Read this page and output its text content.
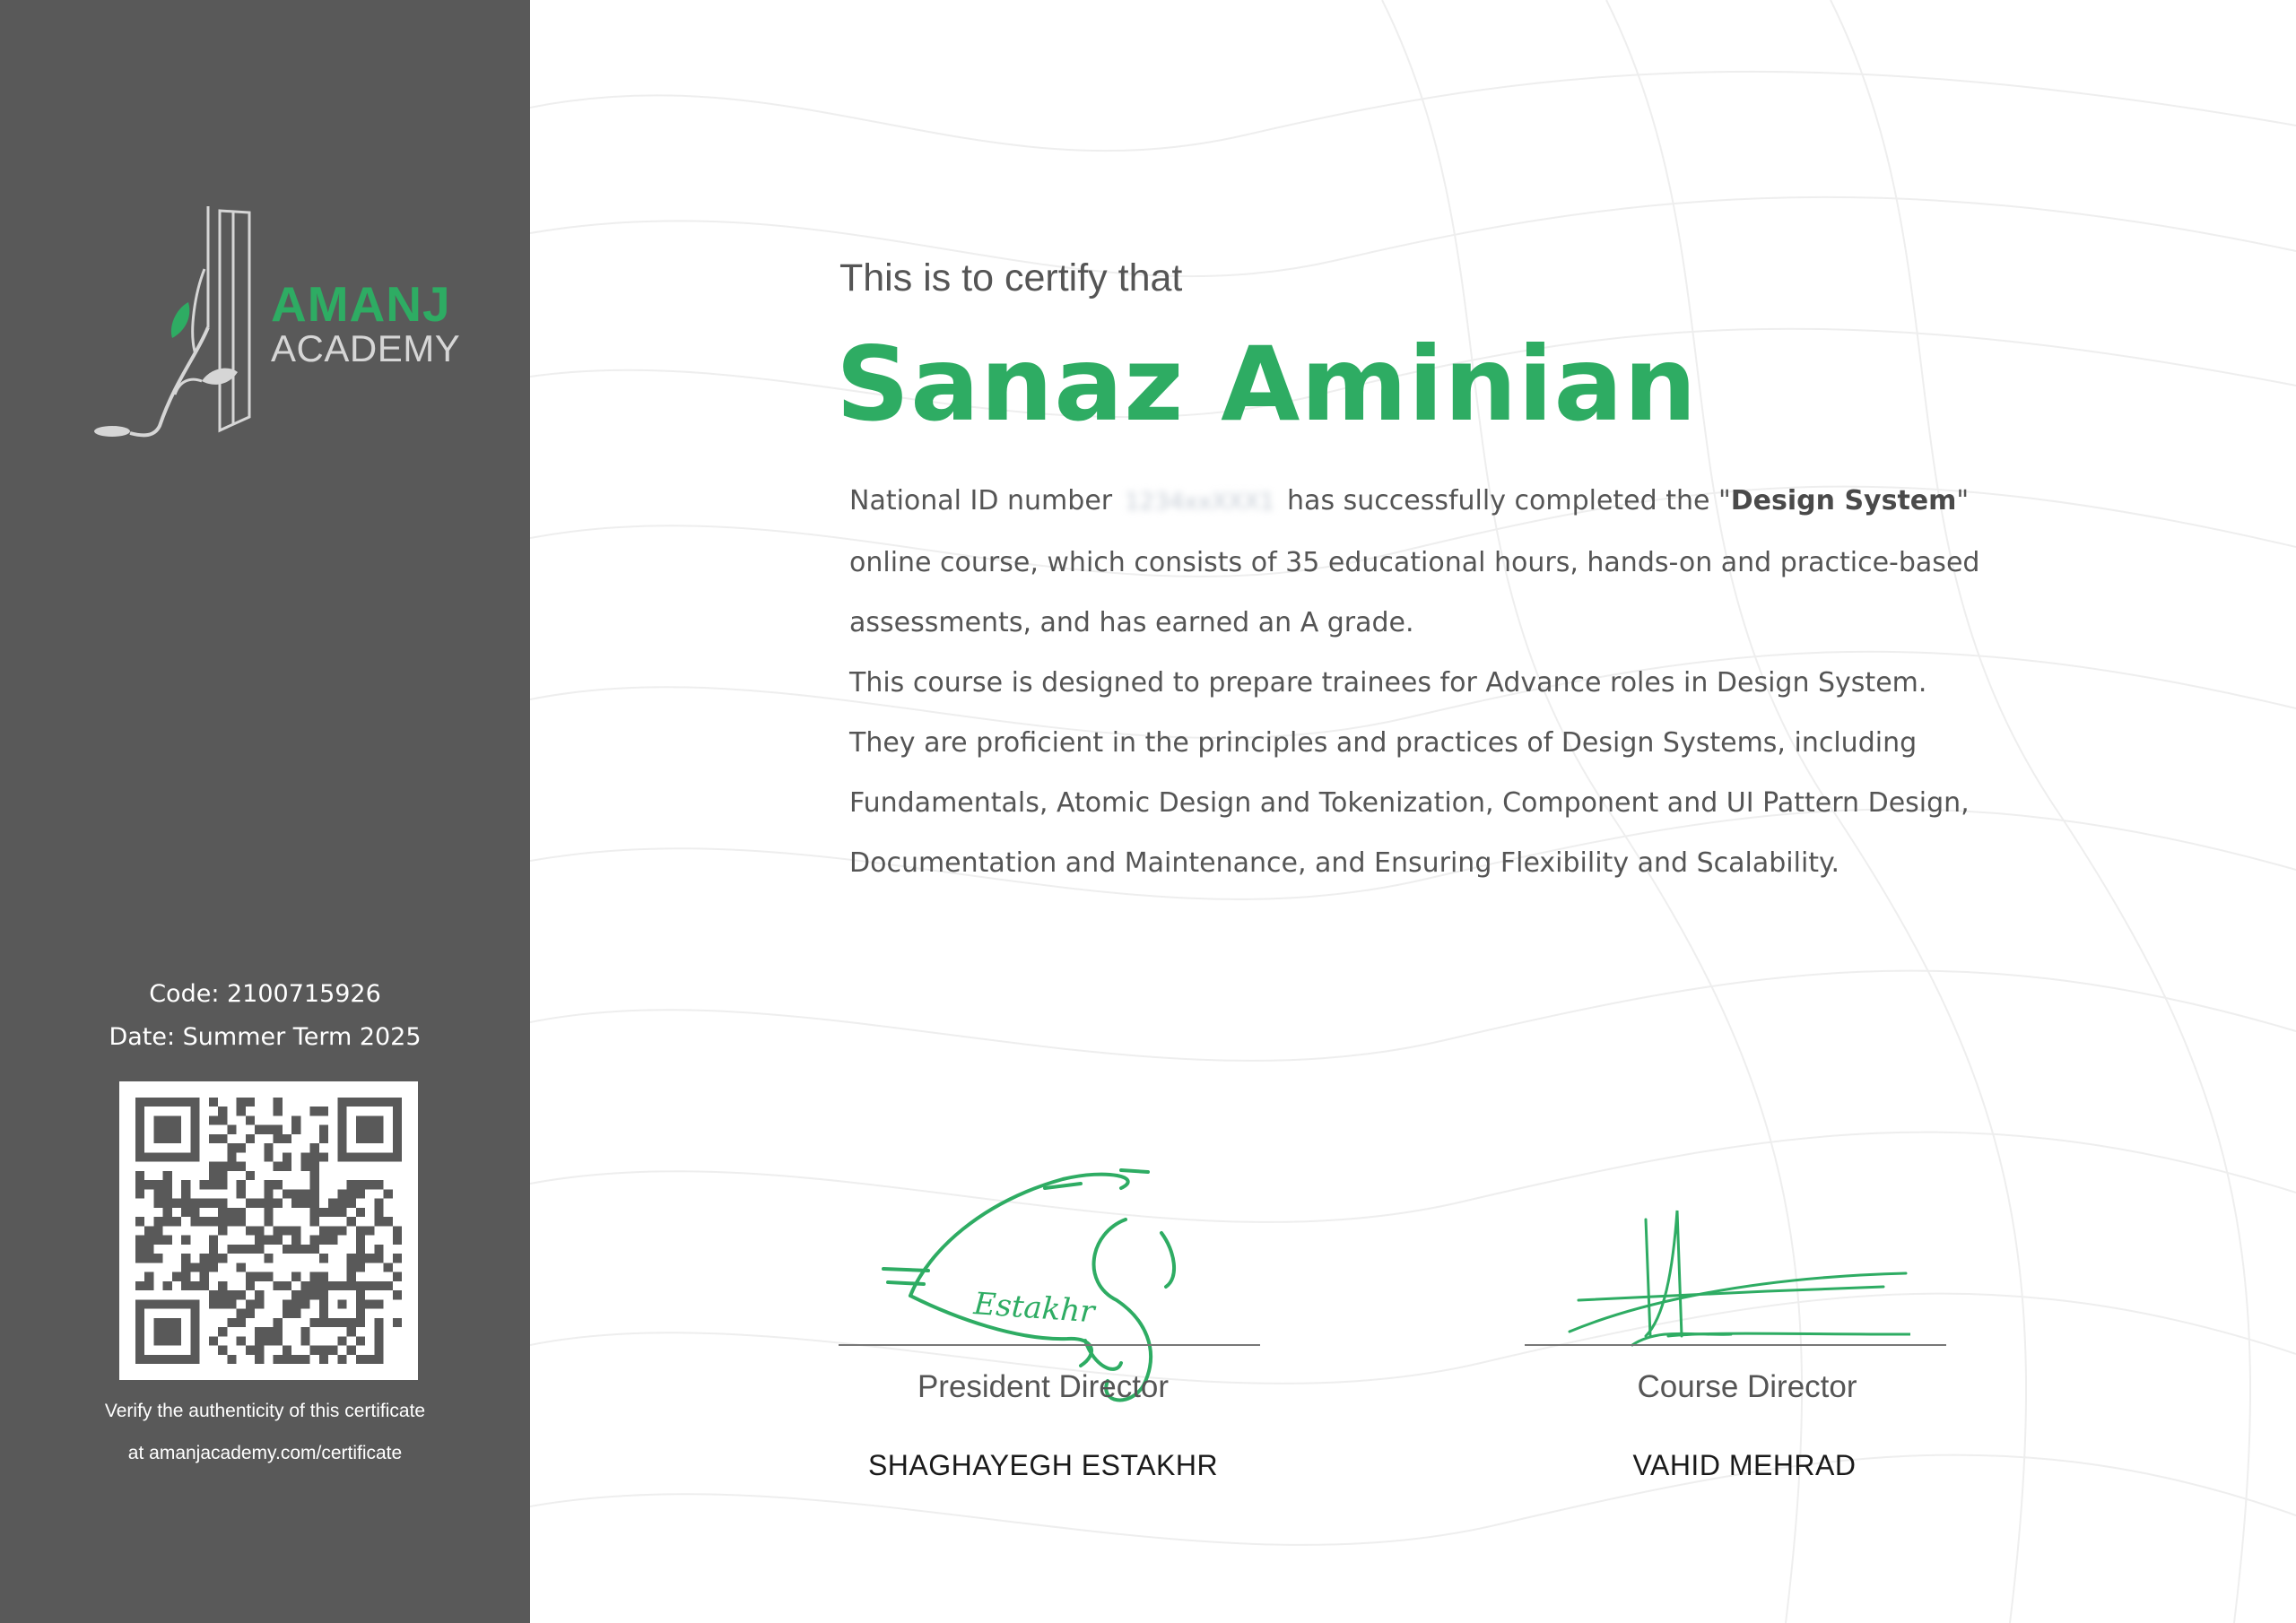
AMANJ
ACADEMY
Code: 2100715926
Date: Summer Term 2025
Verify the authenticity of this certificate
at amanjacademy.com/certificate
This is to certify that
Sanaz Aminian

National ID number 1234xxXXX1 has successfully completed the "Design System" online course, which consists of 35 educational hours, hands-on and practice-based assessments, and has earned an A grade.

This course is designed to prepare trainees for Advance roles in Design System.

They are proficient in the principles and practices of Design Systems, including Fundamentals, Atomic Design and Tokenization, Component and UI Pattern Design, Documentation and Maintenance, and Ensuring Flexibility and Scalability.

Estakhr
President Director	Course Director
SHAGHAYEGH ESTAKHR	VAHID MEHRAD
